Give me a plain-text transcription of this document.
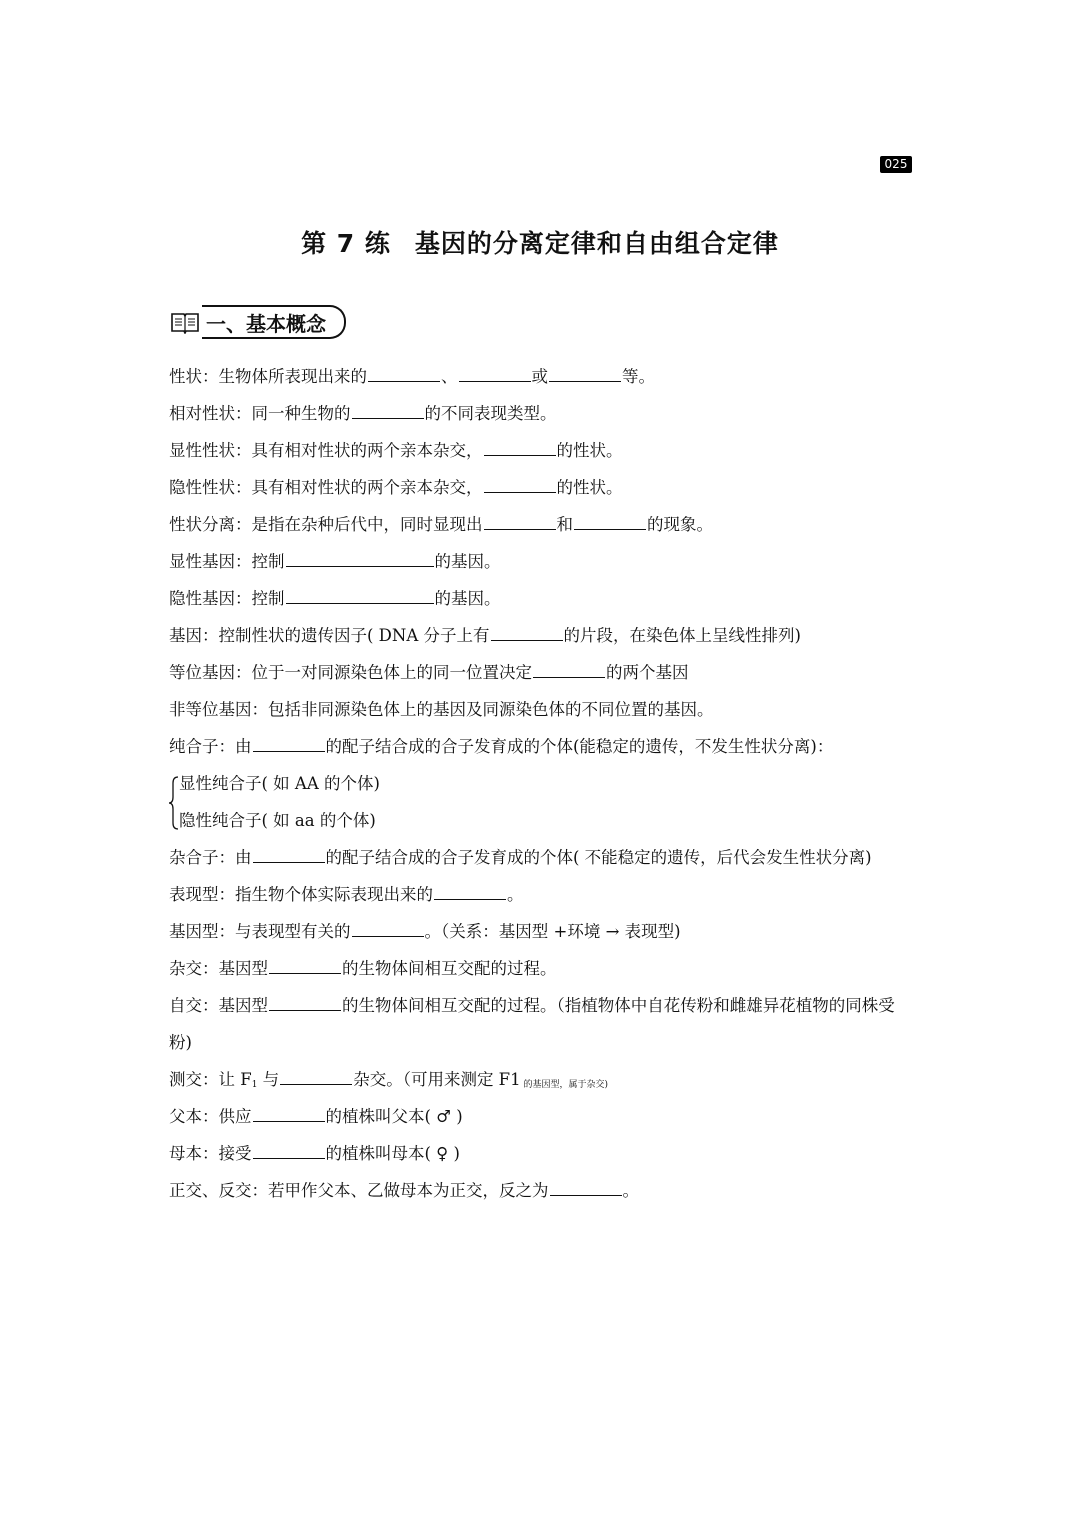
025
第 7 练 基因的分离定律和自由组合定律
一、基本概念
性状：生物体所表现出来的	、	或	等。
相对性状：同一种生物的	的不同表现类型。
显性性状：具有相对性状的两个亲本杂交，	的性状。
隐性性状：具有相对性状的两个亲本杂交，	的性状。
性状分离：是指在杂种后代中，同时显现出	和	的现象。
显性基因：控制	的基因。
隐性基因：控制	的基因。
基因：控制性状的遗传因子( DNA 分子上有	的片段，在染色体上呈线性排列)
等位基因：位于一对同源染色体上的同一位置决定	的两个基因
非等位基因：包括非同源染色体上的基因及同源染色体的不同位置的基因。
纯合子：由	的配子结合成的合子发育成的个体(能稳定的遗传，不发生性状分离)：
显性纯合子( 如 AA 的个体)
隐性纯合子( 如 aa 的个体)
杂合子：由	的配子结合成的合子发育成的个体( 不能稳定的遗传，后代会发生性状分离)
表现型：指生物个体实际表现出来的	。
基因型：与表现型有关的	。（关系：基因型 +环境 → 表现型)
杂交：基因型	的生物体间相互交配的过程。
自交：基因型	的生物体间相互交配的过程。（指植物体中自花传粉和雌雄异花植物的同株受粉)
测交：让 $F_1$ 与	杂交。（可用来测定 F1 $_{的基因型,属于杂交)}$
父本：供应	的植株叫父本( ♂ )
母本：接受	的植株叫母本( ♀ )
正交、反交：若甲作父本、乙做母本为正交，反之为	。
